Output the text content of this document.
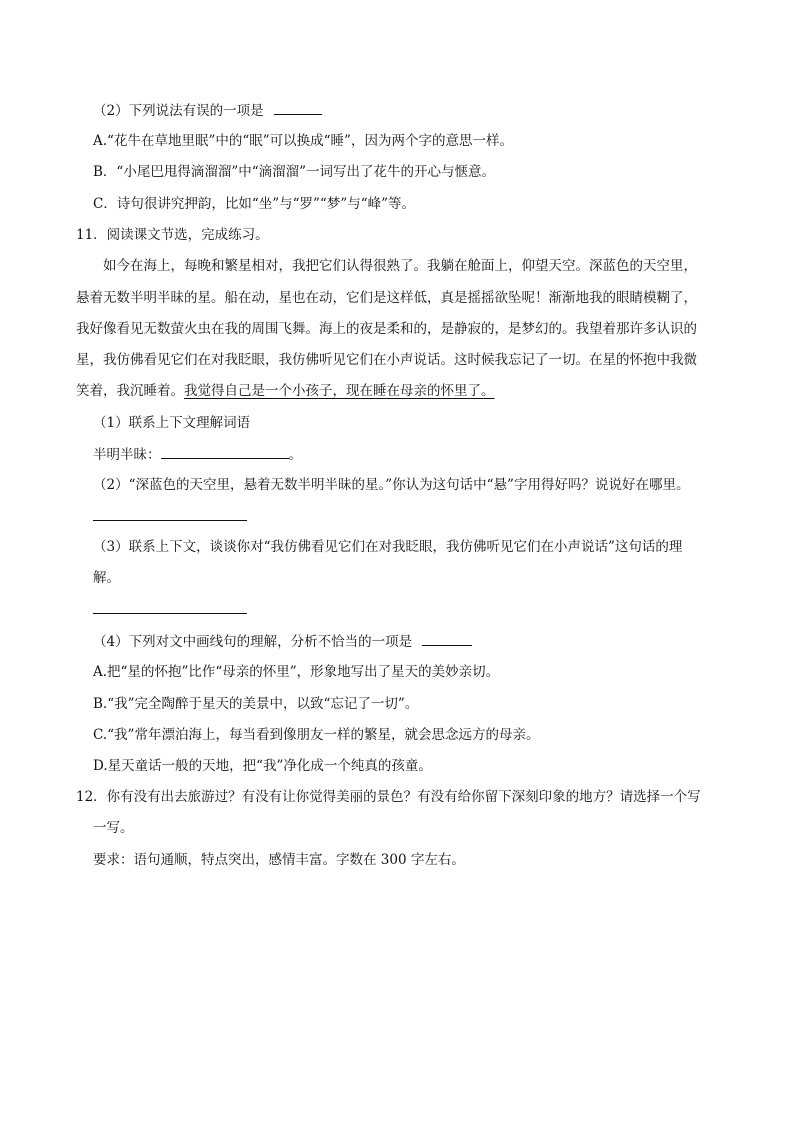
（2）下列说法有误的一项是
A.“花牛在草地里眠”中的“眠”可以换成“睡”，因为两个字的意思一样。
B．“小尾巴甩得滴溜溜”中“滴溜溜”一词写出了花牛的开心与惬意。
C．诗句很讲究押韵，比如“坐”与“罗”“梦”与“峰”等。
11．阅读课文节选，完成练习。
如今在海上，每晚和繁星相对，我把它们认得很熟了。我躺在舱面上，仰望天空。深蓝色的天空里，
悬着无数半明半昧的星。船在动，星也在动，它们是这样低，真是摇摇欲坠呢！渐渐地我的眼睛模糊了，
我好像看见无数萤火虫在我的周围飞舞。海上的夜是柔和的，是静寂的，是梦幻的。我望着那许多认识的
星，我仿佛看见它们在对我眨眼，我仿佛听见它们在小声说话。这时候我忘记了一切。在星的怀抱中我微
笑着，我沉睡着。我觉得自己是一个小孩子，现在睡在母亲的怀里了。
（1）联系上下文理解词语
半明半昧：	。
（2）“深蓝色的天空里，悬着无数半明半昧的星。”你认为这句话中“悬”字用得好吗？说说好在哪里。
（3）联系上下文，谈谈你对“我仿佛看见它们在对我眨眼，我仿佛听见它们在小声说话”这句话的理
解。
（4）下列对文中画线句的理解，分析不恰当的一项是
A.把“星的怀抱”比作“母亲的怀里”，形象地写出了星天的美妙亲切。
B.“我”完全陶醉于星天的美景中，以致“忘记了一切”。
C.“我”常年漂泊海上，每当看到像朋友一样的繁星，就会思念远方的母亲。
D.星天童话一般的天地，把“我”净化成一个纯真的孩童。
12．你有没有出去旅游过？有没有让你觉得美丽的景色？有没有给你留下深刻印象的地方？请选择一个写
一写。
要求：语句通顺，特点突出，感情丰富。字数在 300 字左右。
